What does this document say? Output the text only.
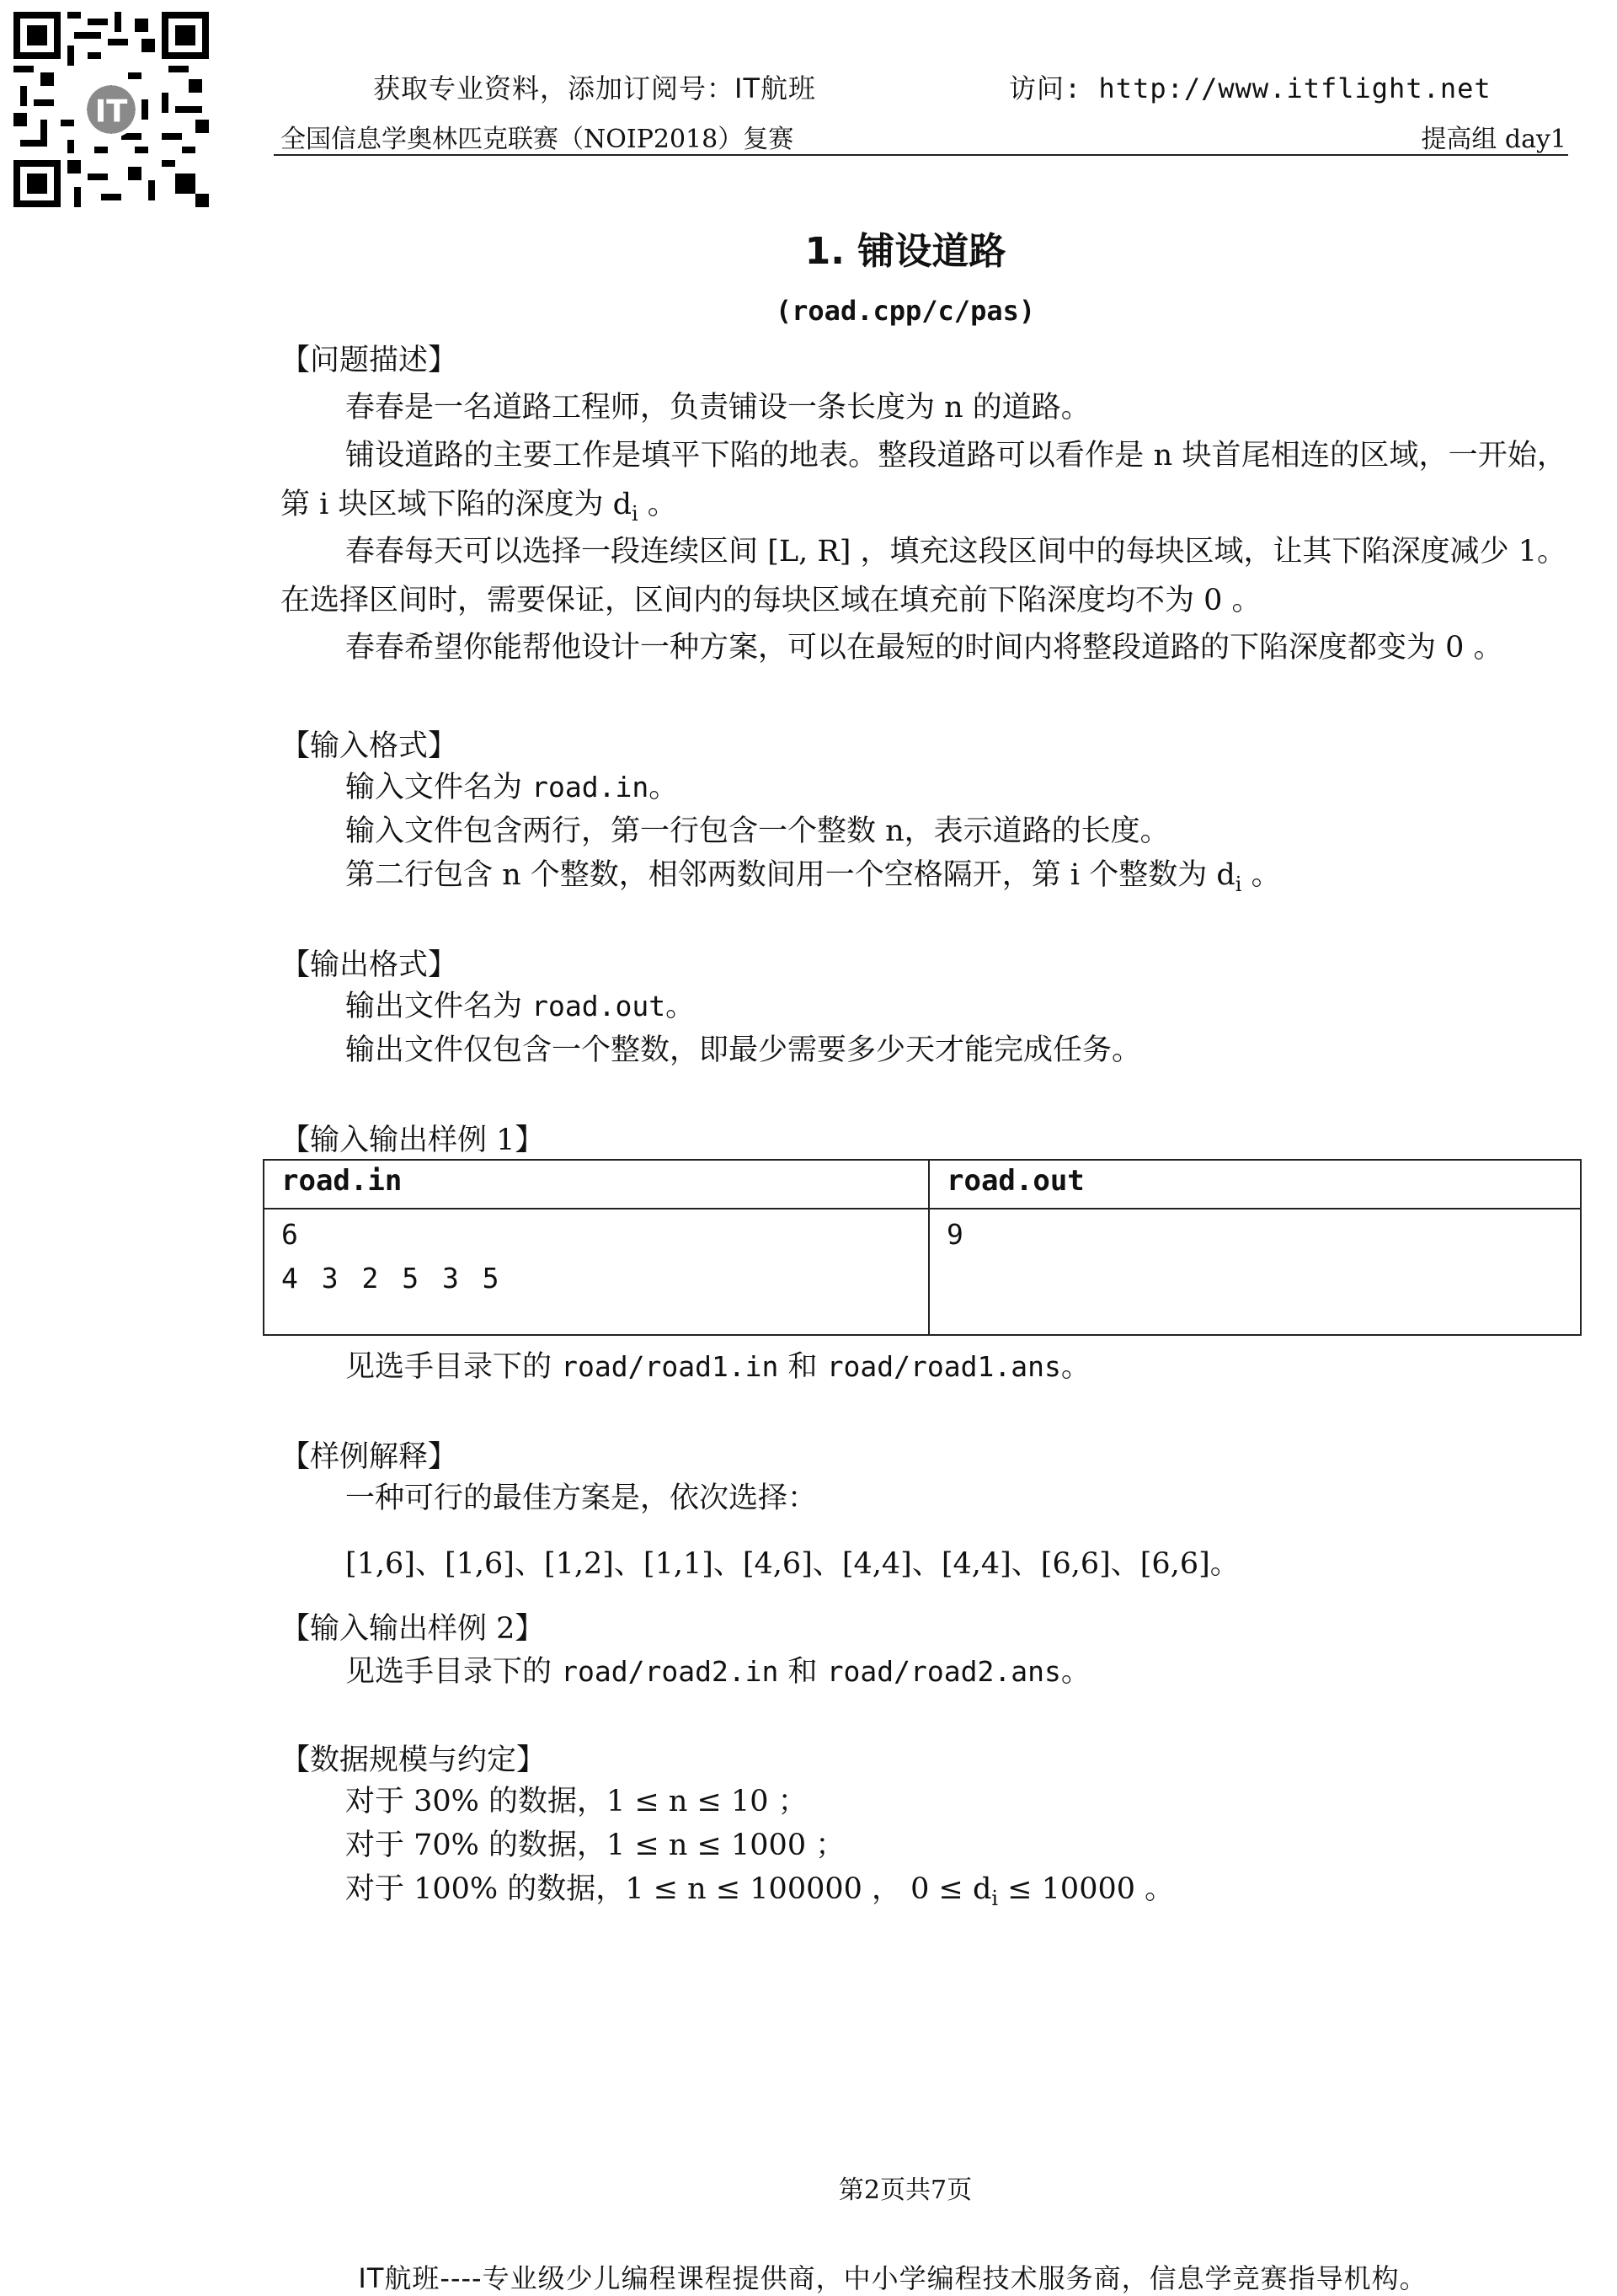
IT
获取专业资料，添加订阅号：IT航班	访问: http://www.itflight.net
全国信息学奥林匹克联赛（NOIP2018）复赛	提高组 day1
1. 铺设道路
(road.cpp/c/pas)
【问题描述】
春春是一名道路工程师，负责铺设一条长度为 n 的道路。
铺设道路的主要工作是填平下陷的地表。整段道路可以看作是 n 块首尾相连的区域，一开始，第 i 块区域下陷的深度为 $d_i$ 。
春春每天可以选择一段连续区间 [L, R] ，填充这段区间中的每块区域，让其下陷深度减少 1。在选择区间时，需要保证，区间内的每块区域在填充前下陷深度均不为 0 。
春春希望你能帮他设计一种方案，可以在最短的时间内将整段道路的下陷深度都变为 0 。
【输入格式】
输入文件名为 road.in。
输入文件包含两行，第一行包含一个整数 n，表示道路的长度。
第二行包含 n 个整数，相邻两数间用一个空格隔开，第 i 个整数为 $d_i$ 。
【输出格式】
输出文件名为 road.out。
输出文件仅包含一个整数，即最少需要多少天才能完成任务。
【输入输出样例 1】
road.in	road.out

6
4 3 2 5 3 5	9
见选手目录下的 road/road1.in 和 road/road1.ans。
【样例解释】
一种可行的最佳方案是，依次选择：
[1,6]、[1,6]、[1,2]、[1,1]、[4,6]、[4,4]、[4,4]、[6,6]、[6,6]。
【输入输出样例 2】
见选手目录下的 road/road2.in 和 road/road2.ans。
【数据规模与约定】
对于 30% 的数据，1 ≤ n ≤ 10 ；
对于 70% 的数据，1 ≤ n ≤ 1000 ；
对于 100% 的数据，1 ≤ n ≤ 100000 ， $0 \le d_i \le 10000$ 。
第2页共7页
IT航班----专业级少儿编程课程提供商，中小学编程技术服务商，信息学竞赛指导机构。
